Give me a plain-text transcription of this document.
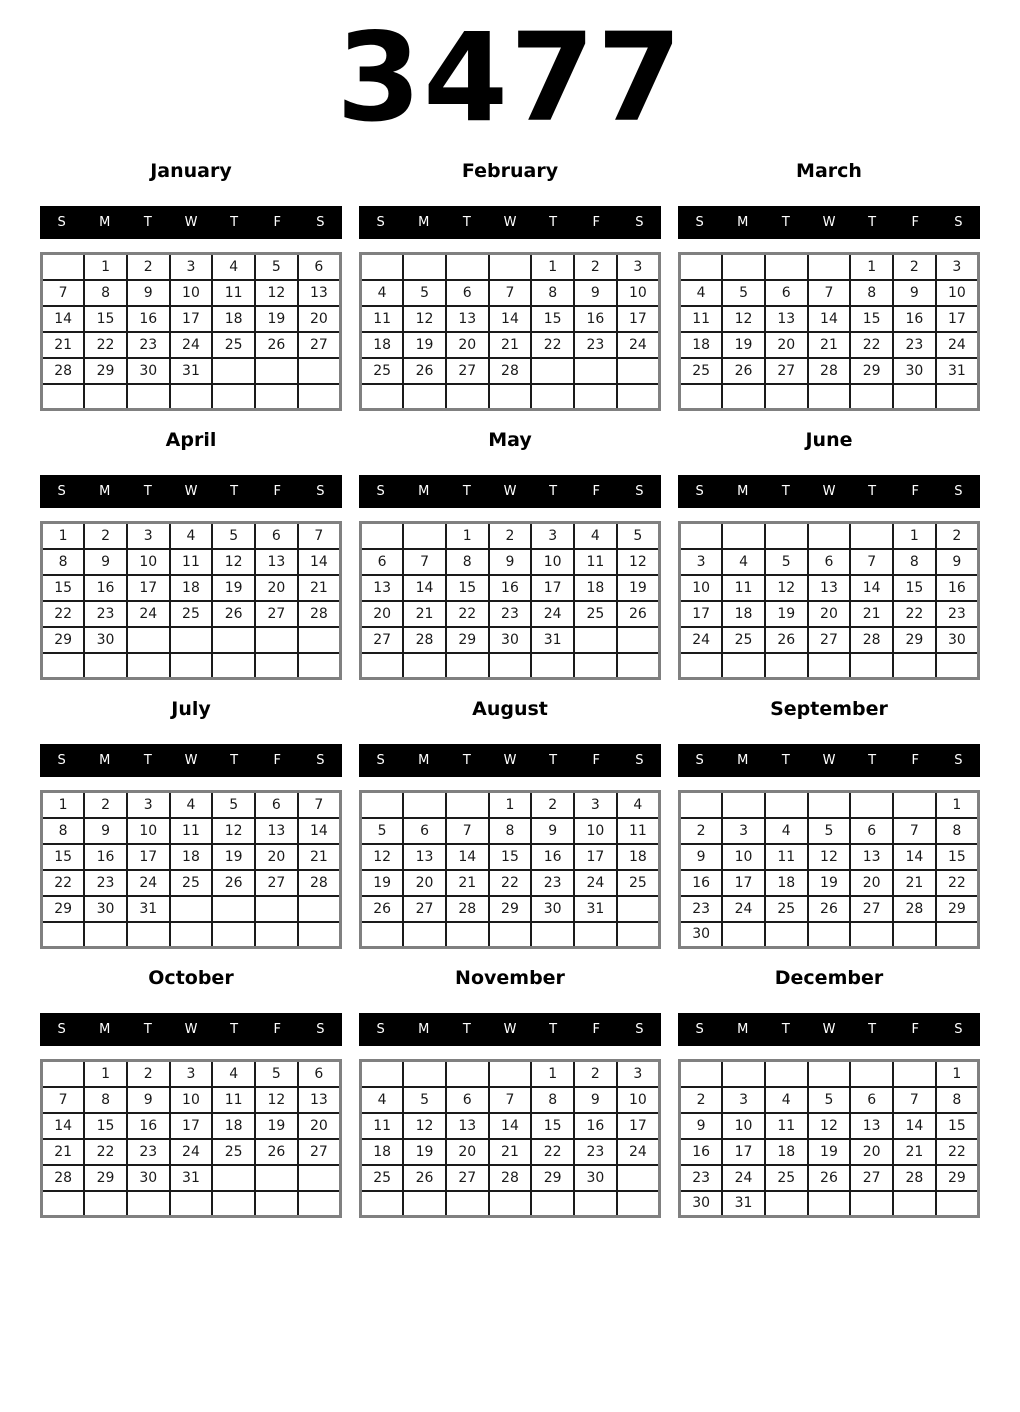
3477
January
S	M	T	W	T	F	S
	1	2	3	4	5	6
7	8	9	10	11	12	13
14	15	16	17	18	19	20
21	22	23	24	25	26	27
28	29	30	31			

February
S	M	T	W	T	F	S
				1	2	3
4	5	6	7	8	9	10
11	12	13	14	15	16	17
18	19	20	21	22	23	24
25	26	27	28			

March
S	M	T	W	T	F	S
				1	2	3
4	5	6	7	8	9	10
11	12	13	14	15	16	17
18	19	20	21	22	23	24
25	26	27	28	29	30	31

April
S	M	T	W	T	F	S
1	2	3	4	5	6	7
8	9	10	11	12	13	14
15	16	17	18	19	20	21
22	23	24	25	26	27	28
29	30					

May
S	M	T	W	T	F	S
		1	2	3	4	5
6	7	8	9	10	11	12
13	14	15	16	17	18	19
20	21	22	23	24	25	26
27	28	29	30	31		

June
S	M	T	W	T	F	S
					1	2
3	4	5	6	7	8	9
10	11	12	13	14	15	16
17	18	19	20	21	22	23
24	25	26	27	28	29	30

July
S	M	T	W	T	F	S
1	2	3	4	5	6	7
8	9	10	11	12	13	14
15	16	17	18	19	20	21
22	23	24	25	26	27	28
29	30	31				

August
S	M	T	W	T	F	S
			1	2	3	4
5	6	7	8	9	10	11
12	13	14	15	16	17	18
19	20	21	22	23	24	25
26	27	28	29	30	31	

September
S	M	T	W	T	F	S
						1
2	3	4	5	6	7	8
9	10	11	12	13	14	15
16	17	18	19	20	21	22
23	24	25	26	27	28	29
30						
October
S	M	T	W	T	F	S
	1	2	3	4	5	6
7	8	9	10	11	12	13
14	15	16	17	18	19	20
21	22	23	24	25	26	27
28	29	30	31			

November
S	M	T	W	T	F	S
				1	2	3
4	5	6	7	8	9	10
11	12	13	14	15	16	17
18	19	20	21	22	23	24
25	26	27	28	29	30	

December
S	M	T	W	T	F	S
						1
2	3	4	5	6	7	8
9	10	11	12	13	14	15
16	17	18	19	20	21	22
23	24	25	26	27	28	29
30	31					
